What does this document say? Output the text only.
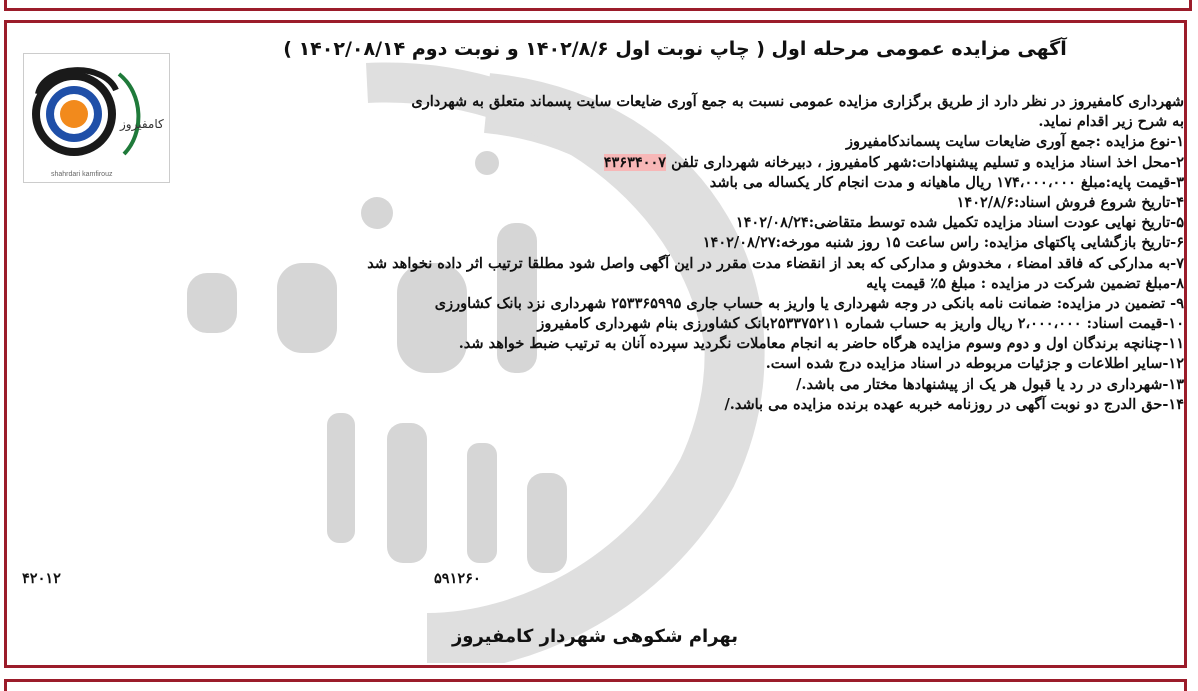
کامفیروز
shahrdari kamfirouz
آگهی مزایده عمومی مرحله اول ( چاپ نوبت اول ۱۴۰۲/۸/۶ و نوبت دوم ۱۴۰۲/۰۸/۱۴ )
شهرداری کامفیروز در نظر دارد از طریق برگزاری مزایده عمومی نسبت به جمع آوری ضایعات سایت پسماند متعلق به شهرداری
به شرح زیر اقدام نماید.
۱-نوع مزایده :جمع آوری ضایعات سایت پسماندکامفیروز
۲-محل اخذ اسناد مزایده و تسلیم پیشنهادات:شهر کامفیروز ، دبیرخانه شهرداری تلفن ۴۳۶۳۴۰۰۷
۳-قیمت پایه:مبلغ ۱۷۴،۰۰۰،۰۰۰ ریال ماهیانه و مدت انجام کار یکساله می باشد
۴-تاریخ شروع فروش اسناد:۱۴۰۲/۸/۶
۵-تاریخ نهایی عودت اسناد مزایده تکمیل شده توسط متقاضی:۱۴۰۲/۰۸/۲۴
۶-تاریخ بازگشایی پاکتهای مزایده: راس ساعت ۱۵ روز شنبه مورخه:۱۴۰۲/۰۸/۲۷
۷-به مدارکی که فاقد امضاء ، مخدوش و مدارکی که بعد از انقضاء مدت مقرر در این آگهی واصل شود مطلقا ترتیب اثر داده نخواهد شد
۸-مبلغ تضمین شرکت در مزایده : مبلغ ۵٪ قیمت پایه
۹- تضمین در مزایده: ضمانت نامه بانکی در وجه شهرداری یا واریز به حساب جاری ۲۵۳۳۶۵۹۹۵ شهرداری نزد بانک کشاورزی
۱۰-قیمت اسناد: ۲،۰۰۰،۰۰۰ ریال واریز به حساب شماره ۲۵۳۳۷۵۲۱۱بانک کشاورزی بنام شهرداری کامفیروز
۱۱-چنانچه برندگان اول و دوم وسوم مزایده هرگاه حاضر به انجام معاملات نگردید سپرده آنان به ترتیب ضبط خواهد شد.
۱۲-سایر اطلاعات و جزئیات مربوطه در اسناد مزایده درج شده است.
۱۳-شهرداری در رد یا قبول هر یک از پیشنهادها مختار می باشد./
۱۴-حق الدرج دو نوبت آگهی در روزنامه خبربه عهده برنده مزایده می باشد./
۵۹۱۲۶۰
۴۲۰۱۲
بهرام شکوهی شهردار کامفیروز
